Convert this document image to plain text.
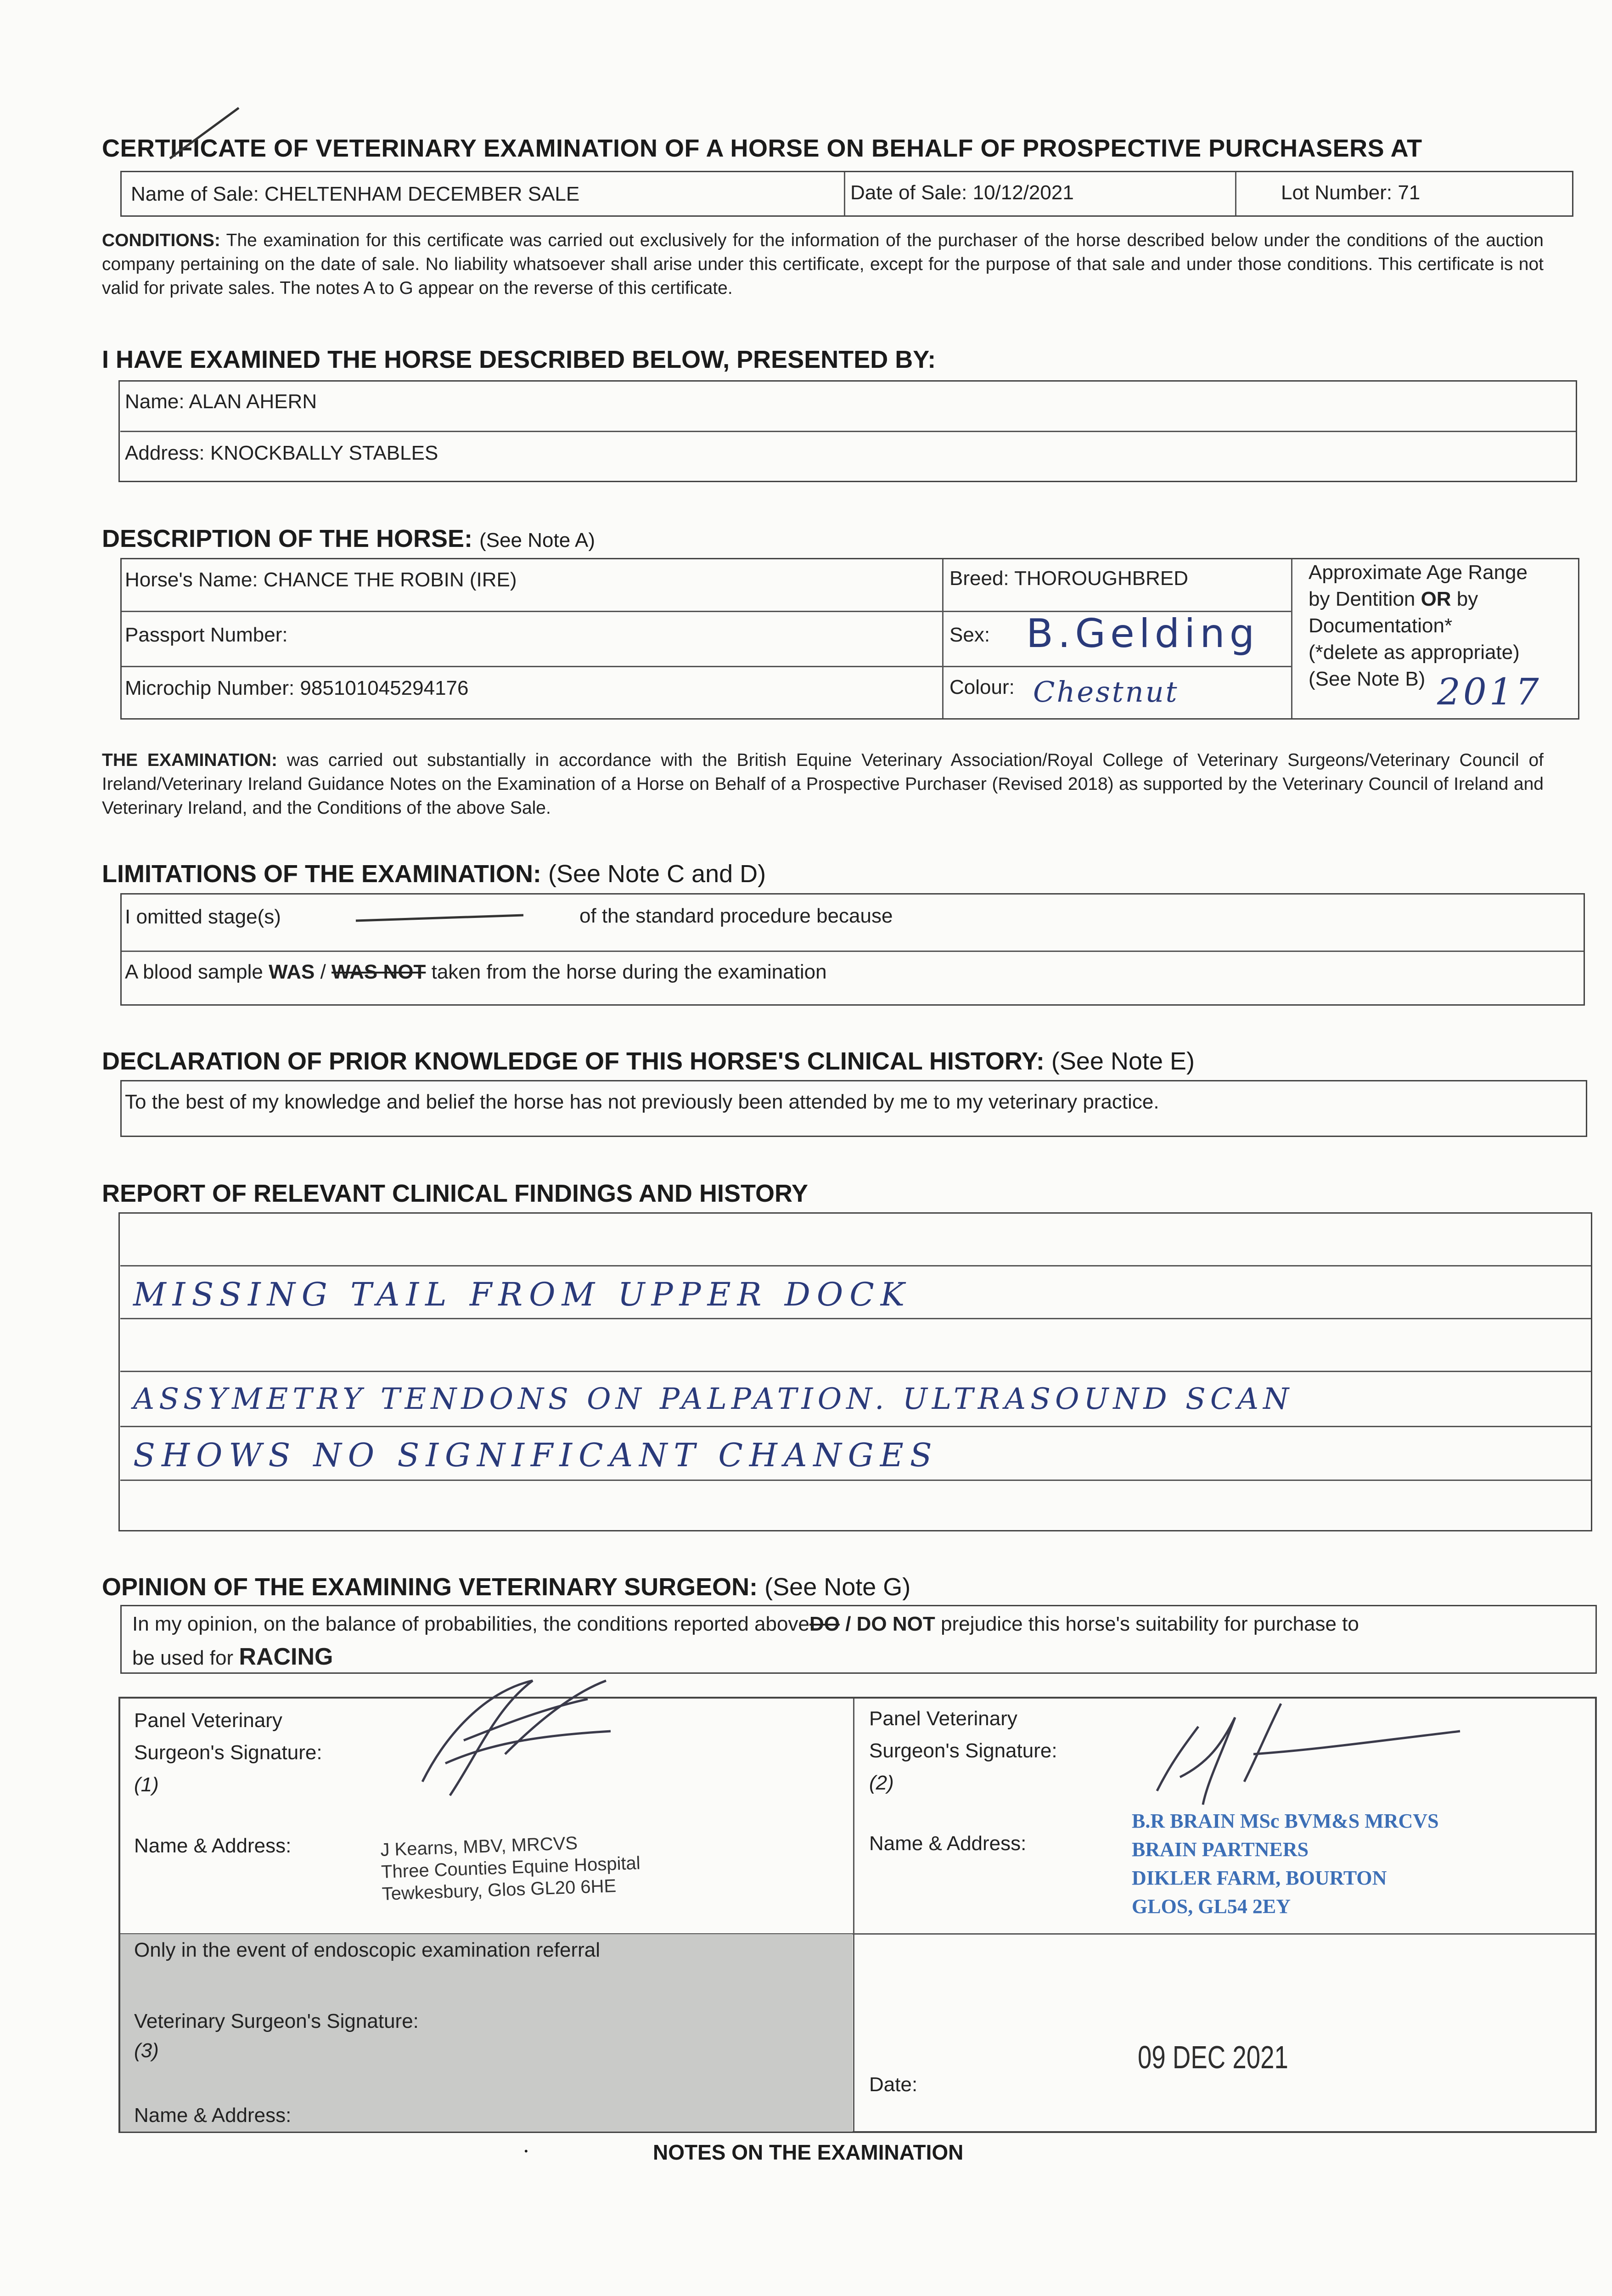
CERTIFICATE OF VETERINARY EXAMINATION OF A HORSE ON BEHALF OF PROSPECTIVE PURCHASERS AT
Name of Sale: CHELTENHAM DECEMBER SALE	Date of Sale: 10/12/2021	Lot Number: 71
CONDITIONS: The examination for this certificate was carried out exclusively for the information of the purchaser of the horse described below under the conditions of the auction company pertaining on the date of sale. No liability whatsoever shall arise under this certificate, except for the purpose of that sale and under those conditions. This certificate is not valid for private sales. The notes A to G appear on the reverse of this certificate.
I HAVE EXAMINED THE HORSE DESCRIBED BELOW, PRESENTED BY:
Name: ALAN AHERN
Address: KNOCKBALLY STABLES
DESCRIPTION OF THE HORSE: (See Note A)
Horse's Name: CHANCE THE ROBIN (IRE)
Passport Number:
Microchip Number: 985101045294176
Breed: THOROUGHBRED
Sex: B.Gelding
Colour: Chestnut
Approximate Age Range
by Dentition OR by
Documentation*
(*delete as appropriate)
(See Note B) 2017
THE EXAMINATION: was carried out substantially in accordance with the British Equine Veterinary Association/Royal College of Veterinary Surgeons/Veterinary Council of Ireland/Veterinary Ireland Guidance Notes on the Examination of a Horse on Behalf of a Prospective Purchaser (Revised 2018) as supported by the Veterinary Council of Ireland and Veterinary Ireland, and the Conditions of the above Sale.
LIMITATIONS OF THE EXAMINATION: (See Note C and D)
I omitted stage(s)	of the standard procedure because
A blood sample WAS / WAS NOT taken from the horse during the examination
DECLARATION OF PRIOR KNOWLEDGE OF THIS HORSE'S CLINICAL HISTORY: (See Note E)
To the best of my knowledge and belief the horse has not previously been attended by me to my veterinary practice.
REPORT OF RELEVANT CLINICAL FINDINGS AND HISTORY
MISSING TAIL FROM UPPER DOCK
ASSYMETRY TENDONS ON PALPATION. ULTRASOUND SCAN
SHOWS NO SIGNIFICANT CHANGES
OPINION OF THE EXAMINING VETERINARY SURGEON: (See Note G)
In my opinion, on the balance of probabilities, the conditions reported aboveDO / DO NOT prejudice this horse's suitability for purchase to
be used for RACING
Panel Veterinary
Surgeon's Signature:
(1)
Name & Address:	J Kearns, MBV, MRCVS
Three Counties Equine Hospital
Tewkesbury, Glos GL20 6HE
Panel Veterinary
Surgeon's Signature:
(2)
Name & Address:
B.R BRAIN MSc BVM&S MRCVS
BRAIN PARTNERS
DIKLER FARM, BOURTON
GLOS, GL54 2EY
Only in the event of endoscopic examination referral
Veterinary Surgeon's Signature:
(3)
Name & Address:
Date:
09 DEC 2021
•	NOTES ON THE EXAMINATION
